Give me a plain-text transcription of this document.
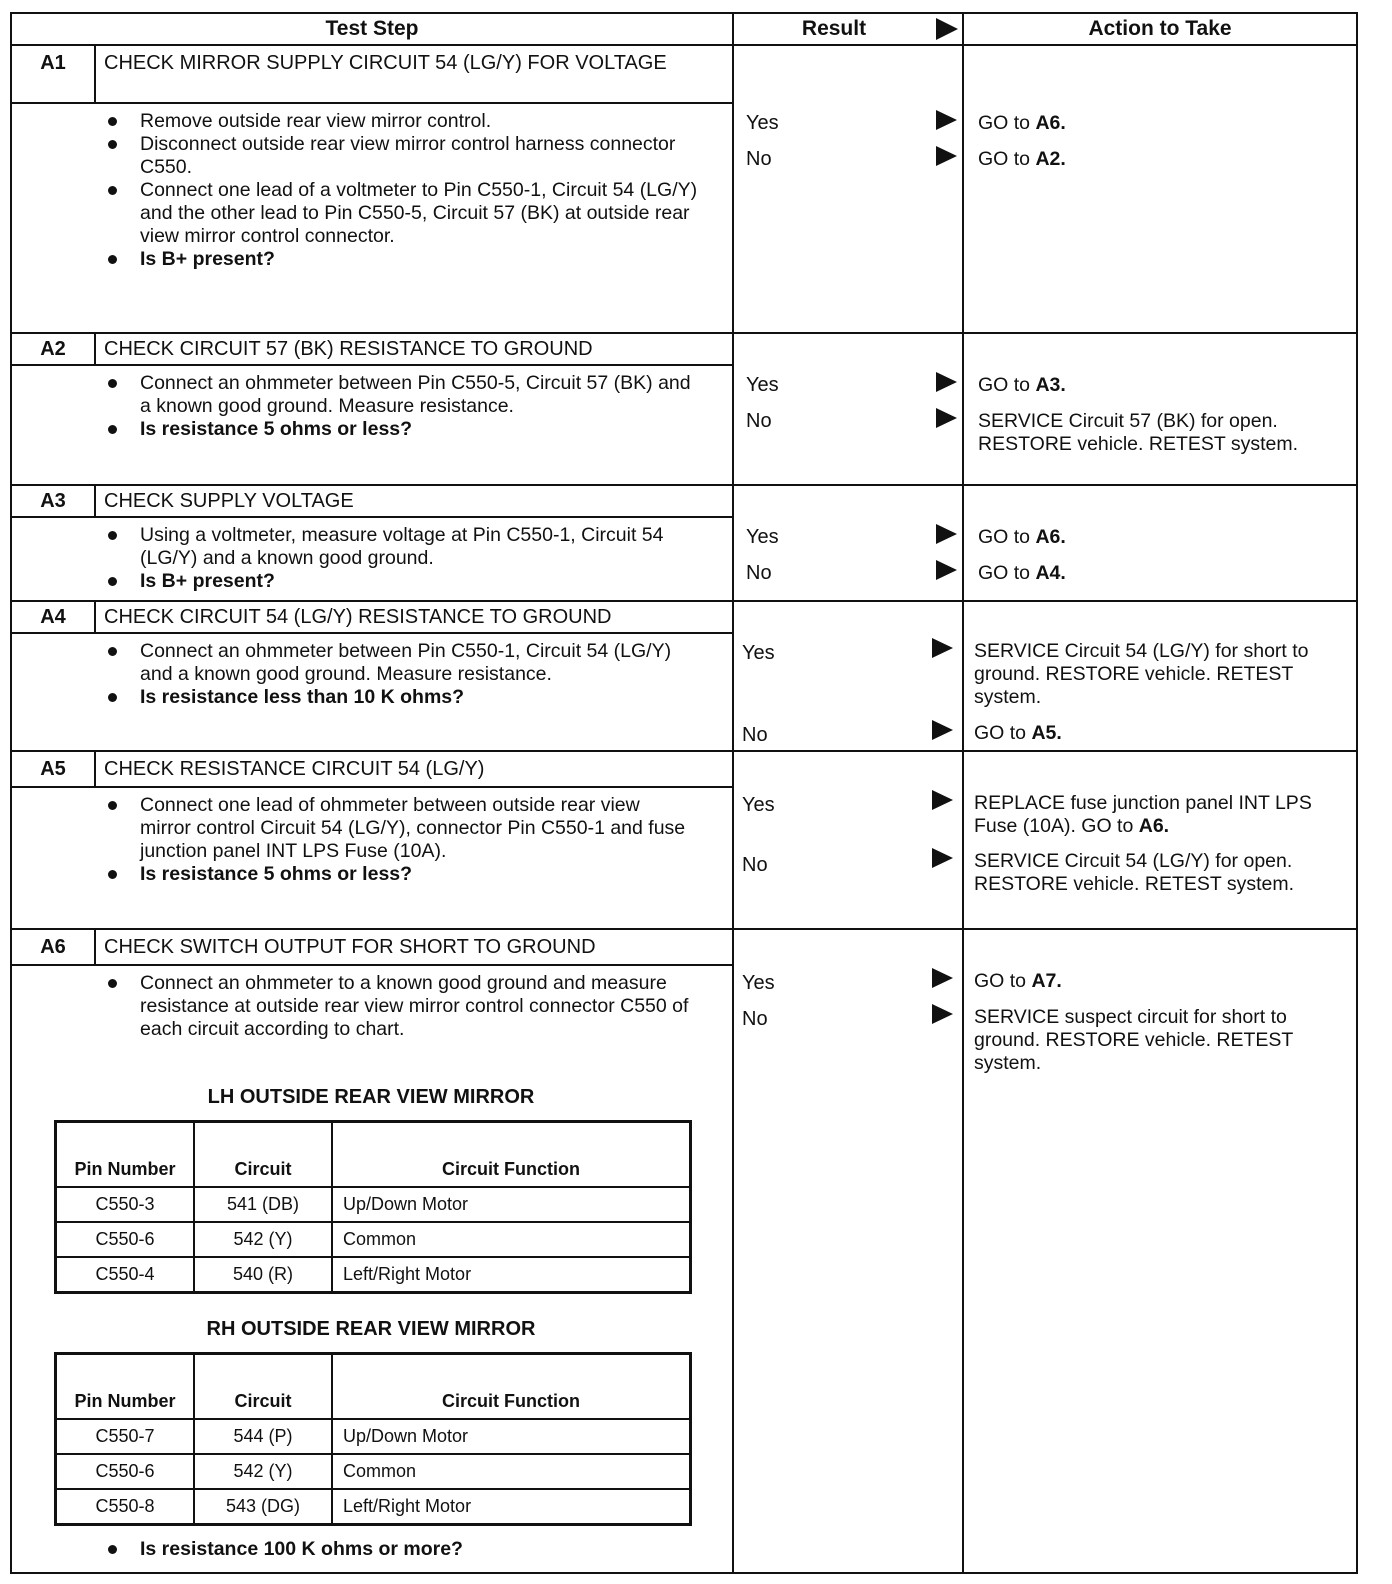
Test Step	Result	Action to Take
A1	CHECK MIRROR SUPPLY CIRCUIT 54 (LG/Y) FOR VOLTAGE
Remove outside rear view mirror control.
Disconnect outside rear view mirror control harness connector C550.
Connect one lead of a voltmeter to Pin C550-1, Circuit 54 (LG/Y) and the other lead to Pin C550-5, Circuit 57 (BK) at outside rear view mirror control connector.
Is B+ present?
Yes	GO to A6.
No	GO to A2.
A2	CHECK CIRCUIT 57 (BK) RESISTANCE TO GROUND
Connect an ohmmeter between Pin C550-5, Circuit 57 (BK) and a known good ground. Measure resistance.
Is resistance 5 ohms or less?
Yes	GO to A3.
No	SERVICE Circuit 57 (BK) for open. RESTORE vehicle. RETEST system.
A3	CHECK SUPPLY VOLTAGE
Using a voltmeter, measure voltage at Pin C550-1, Circuit 54 (LG/Y) and a known good ground.
Is B+ present?
Yes	GO to A6.
No	GO to A4.
A4	CHECK CIRCUIT 54 (LG/Y) RESISTANCE TO GROUND
Connect an ohmmeter between Pin C550-1, Circuit 54 (LG/Y) and a known good ground. Measure resistance.
Is resistance less than 10 K ohms?
Yes	SERVICE Circuit 54 (LG/Y) for short to ground. RESTORE vehicle. RETEST system.
No	GO to A5.
A5	CHECK RESISTANCE CIRCUIT 54 (LG/Y)
Connect one lead of ohmmeter between outside rear view mirror control Circuit 54 (LG/Y), connector Pin C550-1 and fuse junction panel INT LPS Fuse (10A).
Is resistance 5 ohms or less?
Yes	REPLACE fuse junction panel INT LPS Fuse (10A). GO to A6.
No	SERVICE Circuit 54 (LG/Y) for open. RESTORE vehicle. RETEST system.
A6	CHECK SWITCH OUTPUT FOR SHORT TO GROUND
Connect an ohmmeter to a known good ground and measure resistance at outside rear view mirror control connector C550 of each circuit according to chart.
Yes	GO to A7.
No	SERVICE suspect circuit for short to ground. RESTORE vehicle. RETEST system.
LH OUTSIDE REAR VIEW MIRROR
Pin Number	Circuit	Circuit Function
C550-3	541 (DB)	Up/Down Motor
C550-6	542 (Y)	Common
C550-4	540 (R)	Left/Right Motor
RH OUTSIDE REAR VIEW MIRROR
Pin Number	Circuit	Circuit Function
C550-7	544 (P)	Up/Down Motor
C550-6	542 (Y)	Common
C550-8	543 (DG)	Left/Right Motor
Is resistance 100 K ohms or more?
